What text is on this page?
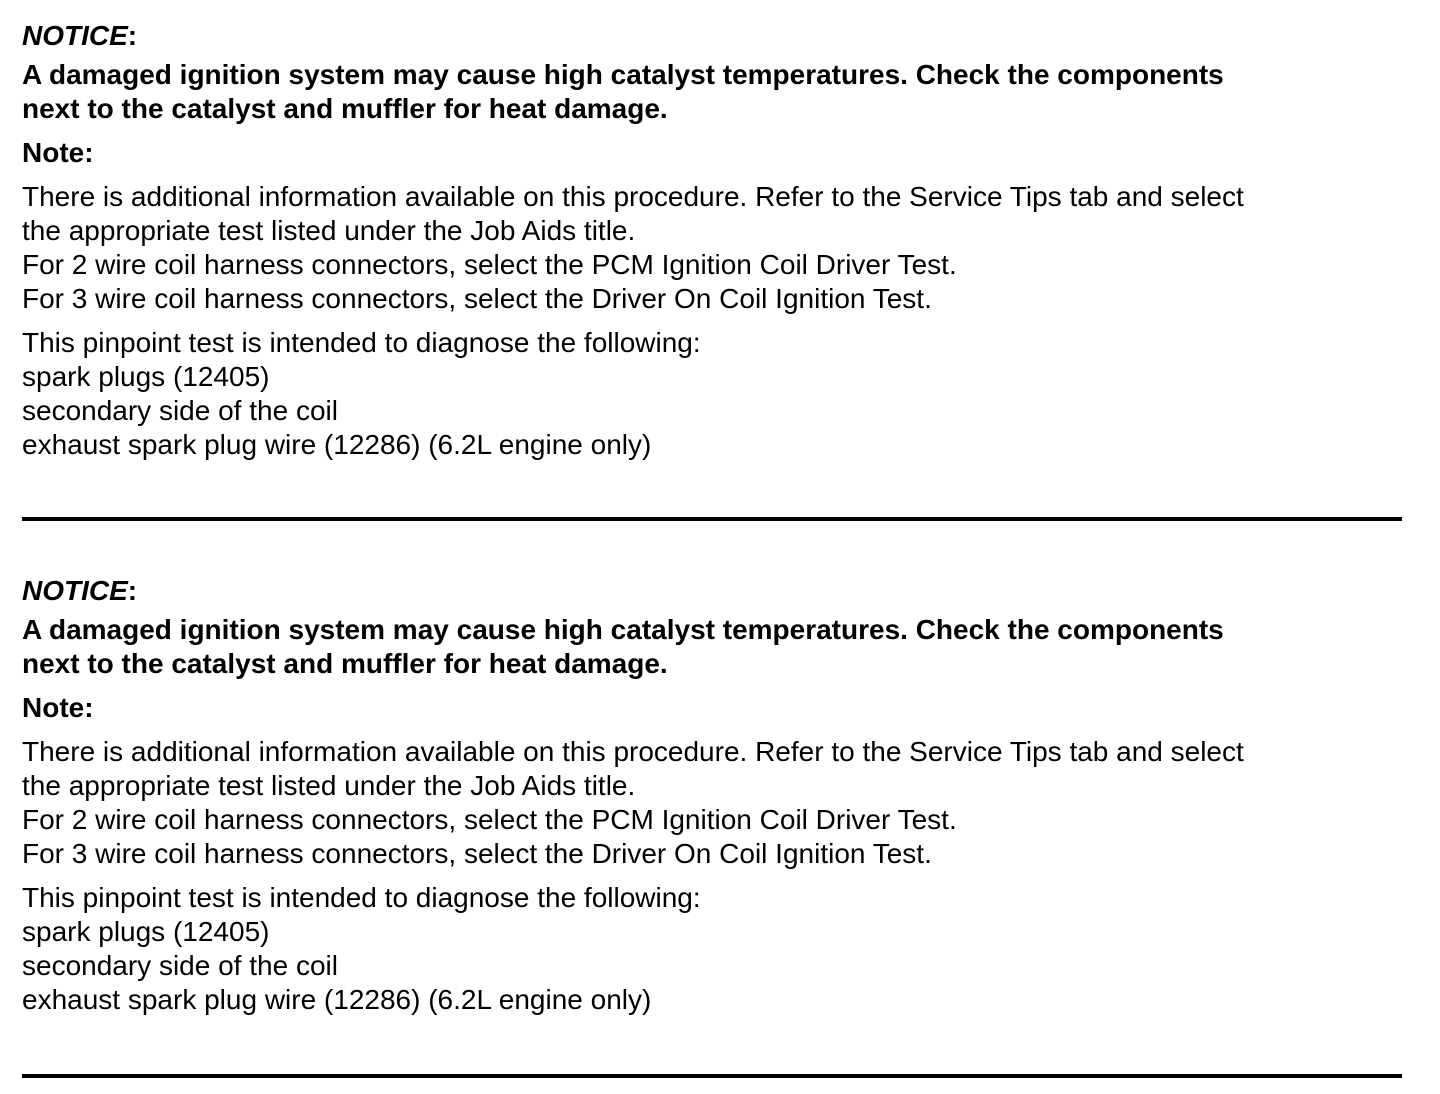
NOTICE:

A damaged ignition system may cause high catalyst temperatures. Check the components
next to the catalyst and muffler for heat damage.

Note:

There is additional information available on this procedure. Refer to the Service Tips tab and select
the appropriate test listed under the Job Aids title.
For 2 wire coil harness connectors, select the PCM Ignition Coil Driver Test.
For 3 wire coil harness connectors, select the Driver On Coil Ignition Test.
This pinpoint test is intended to diagnose the following:
spark plugs (12405)
secondary side of the coil
exhaust spark plug wire (12286) (6.2L engine only)

NOTICE:

A damaged ignition system may cause high catalyst temperatures. Check the components
next to the catalyst and muffler for heat damage.

Note:

There is additional information available on this procedure. Refer to the Service Tips tab and select
the appropriate test listed under the Job Aids title.
For 2 wire coil harness connectors, select the PCM Ignition Coil Driver Test.
For 3 wire coil harness connectors, select the Driver On Coil Ignition Test.
This pinpoint test is intended to diagnose the following:
spark plugs (12405)
secondary side of the coil
exhaust spark plug wire (12286) (6.2L engine only)
